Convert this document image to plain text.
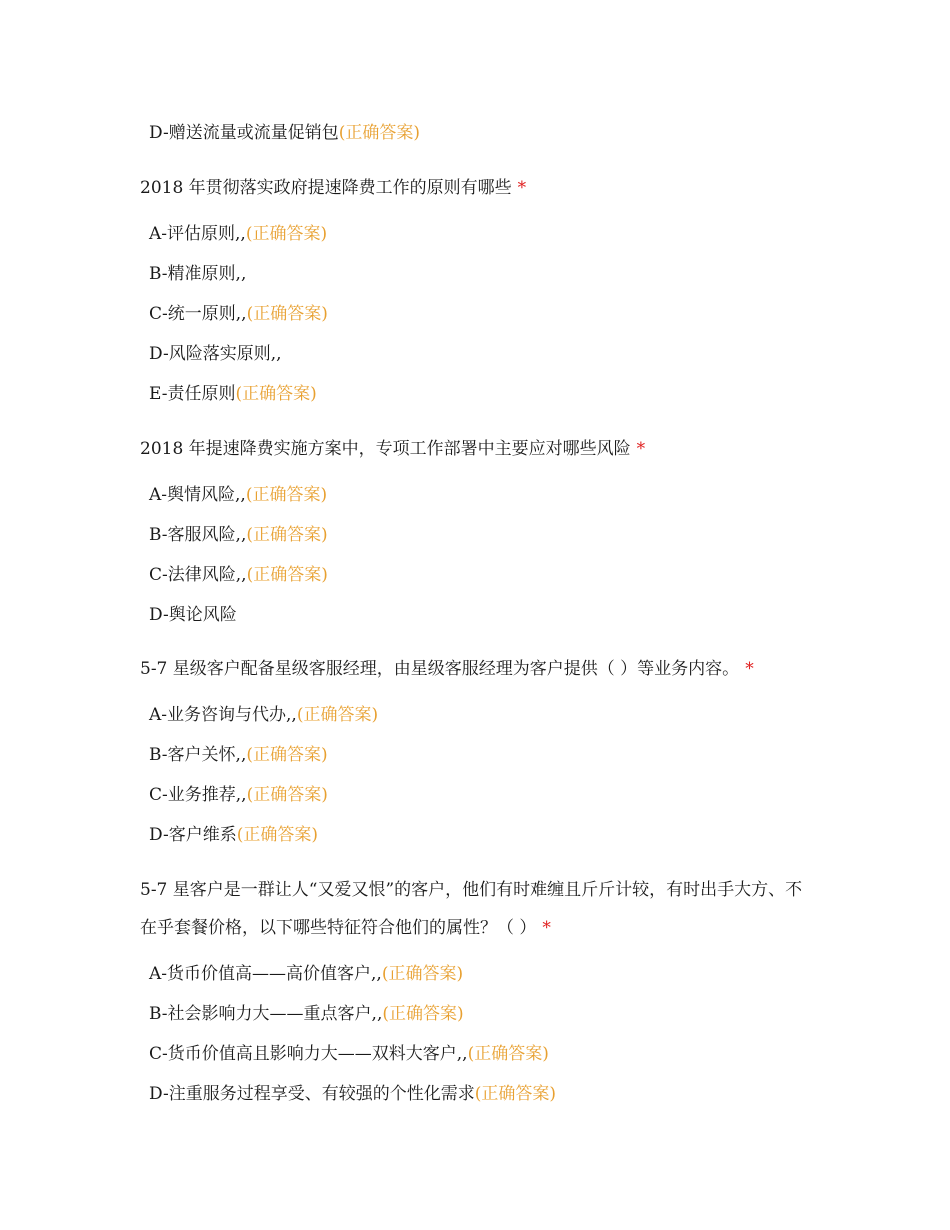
D-赠送流量或流量促销包(正确答案)
2018 年贯彻落实政府提速降费工作的原则有哪些 *
A-评估原则,,(正确答案)
B-精准原则,,
C-统一原则,,(正确答案)
D-风险落实原则,,
E-责任原则(正确答案)
2018 年提速降费实施方案中，专项工作部署中主要应对哪些风险 *
A-舆情风险,,(正确答案)
B-客服风险,,(正确答案)
C-法律风险,,(正确答案)
D-舆论风险
5-7 星级客户配备星级客服经理，由星级客服经理为客户提供（ ）等业务内容。 *
A-业务咨询与代办,,(正确答案)
B-客户关怀,,(正确答案)
C-业务推荐,,(正确答案)
D-客户维系(正确答案)
5-7 星客户是一群让人“又爱又恨”的客户，他们有时难缠且斤斤计较，有时出手大方、不在乎套餐价格，以下哪些特征符合他们的属性？（ ） *
A-货币价值高——高价值客户,,(正确答案)
B-社会影响力大——重点客户,,(正确答案)
C-货币价值高且影响力大——双料大客户,,(正确答案)
D-注重服务过程享受、有较强的个性化需求(正确答案)
